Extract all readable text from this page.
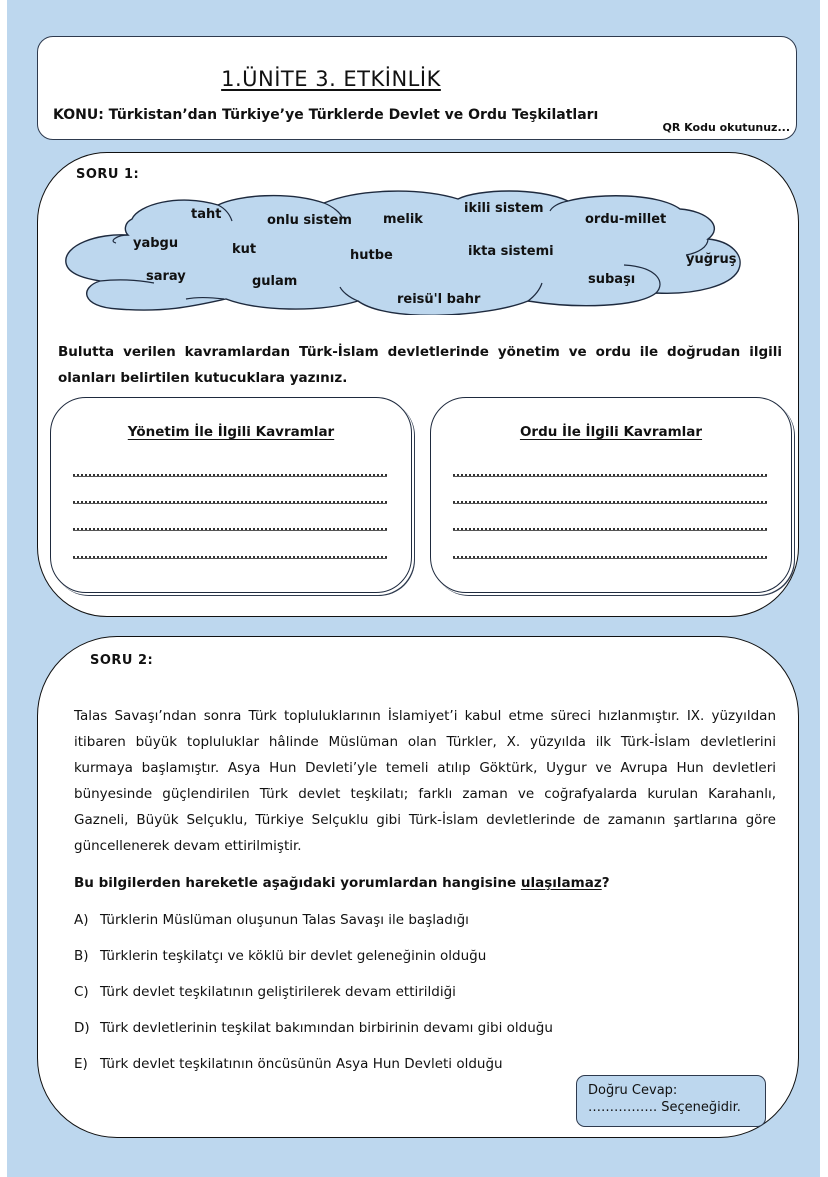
1.ÜNİTE 3. ETKİNLİK
KONU: Türkistan’dan Türkiye’ye Türklerde Devlet ve Ordu Teşkilatları
QR Kodu okutunuz...
SORU 1:
taht	onlu sistem melik
ikili sistem
ordu-millet
yabgu	kut	hutbe	ikta sistemi
yuğruş
saray	gulam
reisü'l bahr
subaşı
Bulutta verilen kavramlardan Türk-İslam devletlerinde yönetim ve ordu ile doğrudan ilgili olanları belirtilen kutucuklara yazınız.
Yönetim İle İlgili Kavramlar	Ordu İle İlgili Kavramlar
SORU 2:
Talas Savaşı’ndan sonra Türk topluluklarının İslamiyet’i kabul etme süreci hızlanmıştır. IX. yüzyıldan itibaren büyük topluluklar hâlinde Müslüman olan Türkler, X. yüzyılda ilk Türk-İslam devletlerini kurmaya başlamıştır. Asya Hun Devleti’yle temeli atılıp Göktürk, Uygur ve Avrupa Hun devletleri bünyesinde güçlendirilen Türk devlet teşkilatı; farklı zaman ve coğrafyalarda kurulan Karahanlı, Gazneli, Büyük Selçuklu, Türkiye Selçuklu gibi Türk-İslam devletlerinde de zamanın şartlarına göre güncellenerek devam ettirilmiştir.
Bu bilgilerden hareketle aşağıdaki yorumlardan hangisine ulaşılamaz?
A) Türklerin Müslüman oluşunun Talas Savaşı ile başladığı
B) Türklerin teşkilatçı ve köklü bir devlet geleneğinin olduğu
C) Türk devlet teşkilatının geliştirilerek devam ettirildiği
D) Türk devletlerinin teşkilat bakımından birbirinin devamı gibi olduğu
E) Türk devlet teşkilatının öncüsünün Asya Hun Devleti olduğu
Doğru Cevap:
……………. Seçeneğidir.
